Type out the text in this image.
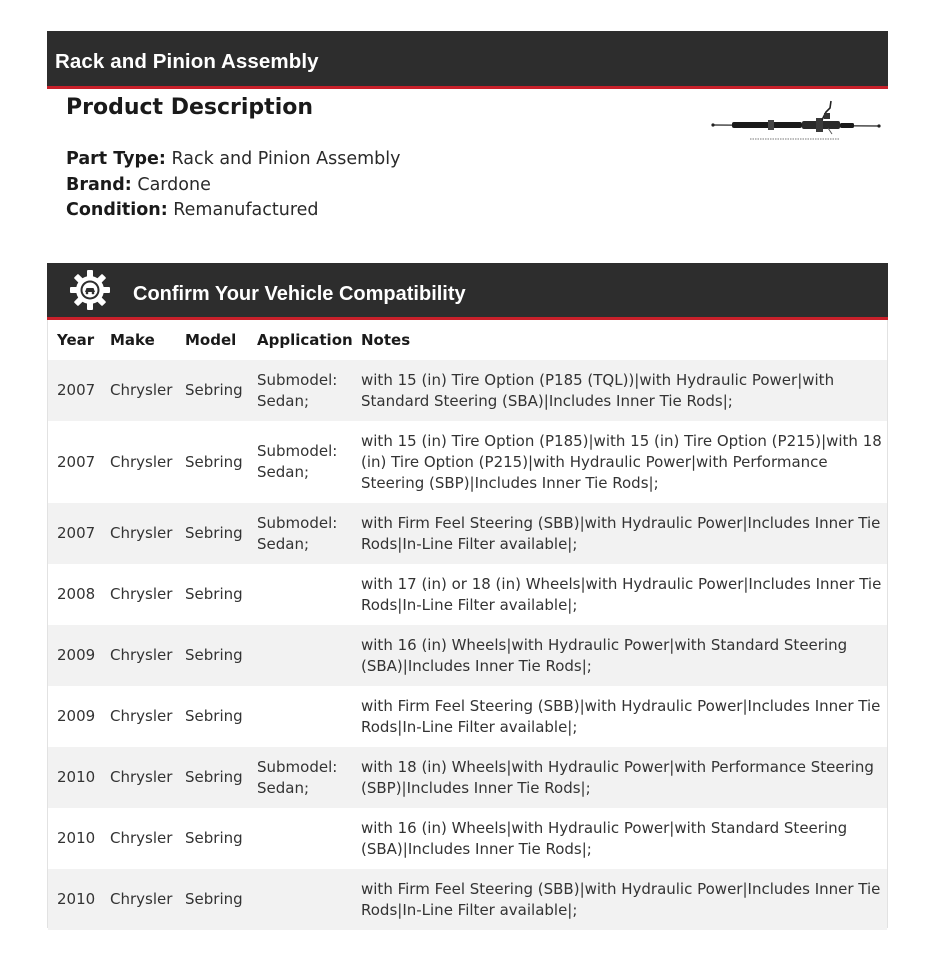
Rack and Pinion Assembly
Product Description
Part Type: Rack and Pinion Assembly
Brand: Cardone
Condition: Remanufactured
Confirm Your Vehicle Compatibility
Year	Make	Model	Application	Notes
2007	Chrysler	Sebring	Submodel: Sedan;	with 15 (in) Tire Option (P185 (TQL))|with Hydraulic Power|with Standard Steering (SBA)|Includes Inner Tie Rods|;
2007	Chrysler	Sebring	Submodel: Sedan;	with 15 (in) Tire Option (P185)|with 15 (in) Tire Option (P215)|with 18 (in) Tire Option (P215)|with Hydraulic Power|with Performance Steering (SBP)|Includes Inner Tie Rods|;
2007	Chrysler	Sebring	Submodel: Sedan;	with Firm Feel Steering (SBB)|with Hydraulic Power|Includes Inner Tie Rods|In-Line Filter available|;
2008	Chrysler	Sebring		with 17 (in) or 18 (in) Wheels|with Hydraulic Power|Includes Inner Tie Rods|In-Line Filter available|;
2009	Chrysler	Sebring		with 16 (in) Wheels|with Hydraulic Power|with Standard Steering (SBA)|Includes Inner Tie Rods|;
2009	Chrysler	Sebring		with Firm Feel Steering (SBB)|with Hydraulic Power|Includes Inner Tie Rods|In-Line Filter available|;
2010	Chrysler	Sebring	Submodel: Sedan;	with 18 (in) Wheels|with Hydraulic Power|with Performance Steering (SBP)|Includes Inner Tie Rods|;
2010	Chrysler	Sebring		with 16 (in) Wheels|with Hydraulic Power|with Standard Steering (SBA)|Includes Inner Tie Rods|;
2010	Chrysler	Sebring		with Firm Feel Steering (SBB)|with Hydraulic Power|Includes Inner Tie Rods|In-Line Filter available|;
